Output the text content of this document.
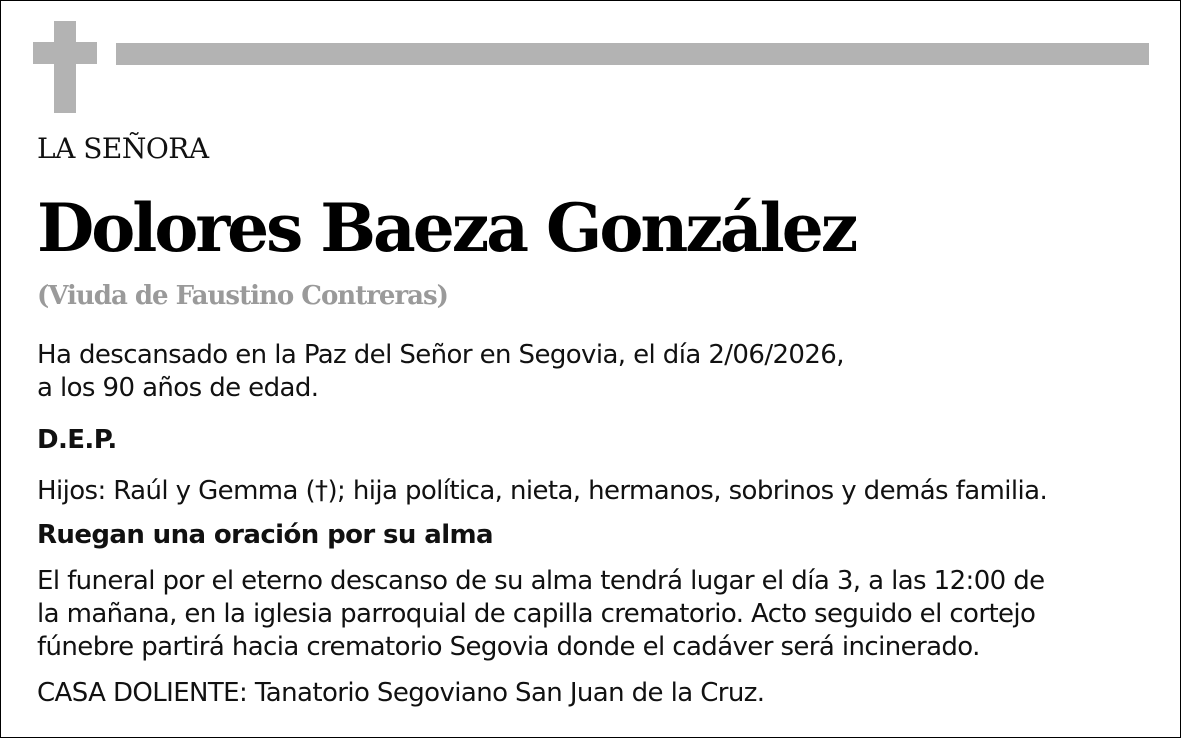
LA SEÑORA
Dolores Baeza González
(Viuda de Faustino Contreras)
Ha descansado en la Paz del Señor en Segovia, el día 2/06/2026,
a los 90 años de edad.
D.E.P.
Hijos: Raúl y Gemma (†); hija política, nieta, hermanos, sobrinos y demás familia.
Ruegan una oración por su alma
El funeral por el eterno descanso de su alma tendrá lugar el día 3, a las 12:00 de
la mañana, en la iglesia parroquial de capilla crematorio. Acto seguido el cortejo
fúnebre partirá hacia crematorio Segovia donde el cadáver será incinerado.
CASA DOLIENTE: Tanatorio Segoviano San Juan de la Cruz.
